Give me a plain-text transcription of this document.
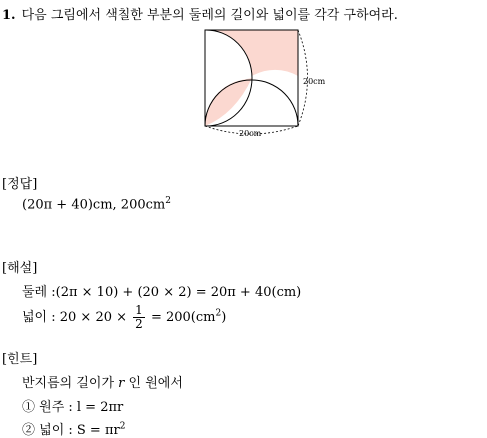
1. 다음 그림에서 색칠한 부분의 둘레의 길이와 넓이를 각각 구하여라.
20cm
20cm
[정답]
(20π + 40)cm, $200cm^2$
[해설]
둘레 :(2π × 10) + (20 × 2) = 20π + 40(cm)
넓이 : $20 \times 20 \times \frac{1}{2} = 200(cm^2)$
[힌트]
반지름의 길이가 r 인 원에서
① 원주 : l = 2πr
② 넓이 : $S = \pi r^2$
